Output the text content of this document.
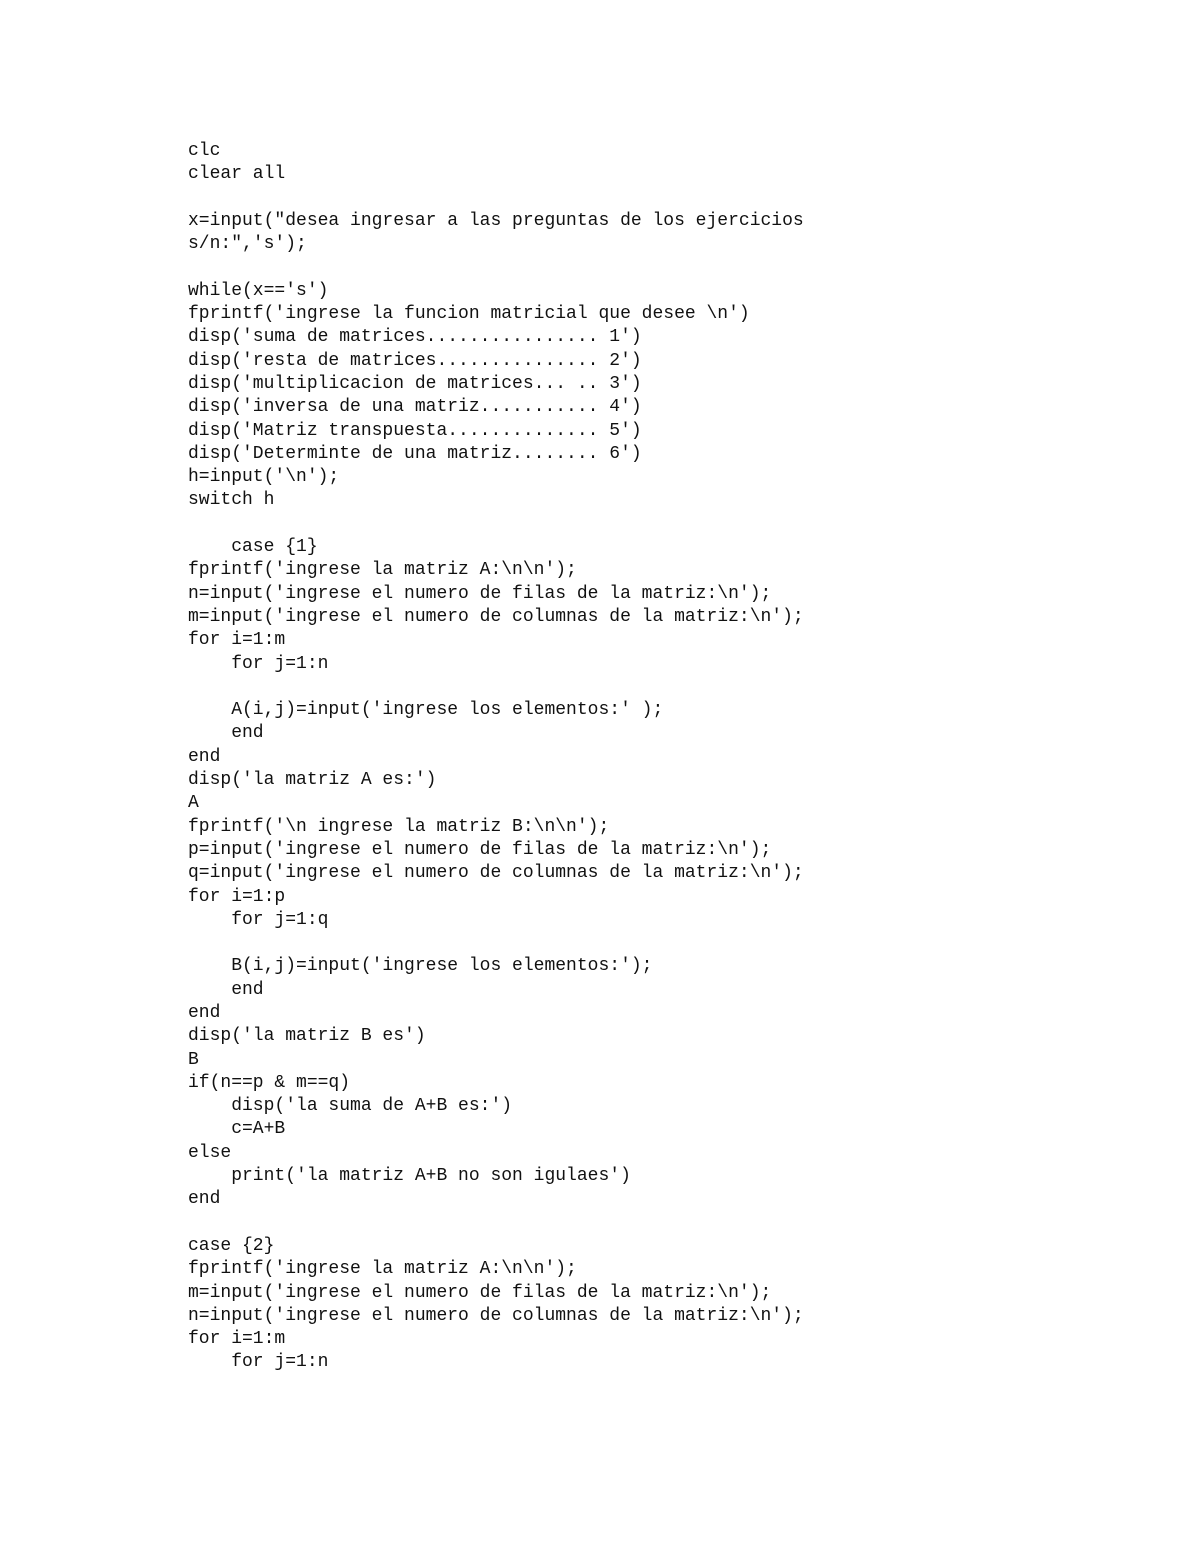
clc
clear all
x=input("desea ingresar a las preguntas de los ejercicios
s/n:",'s');
while(x=='s')
fprintf('ingrese la funcion matricial que desee \n')
disp('suma de matrices................ 1')
disp('resta de matrices............... 2')
disp('multiplicacion de matrices... .. 3')
disp('inversa de una matriz........... 4')
disp('Matriz transpuesta.............. 5')
disp('Determinte de una matriz........ 6')
h=input('\n');
switch h
case {1}
fprintf('ingrese la matriz A:\n\n');
n=input('ingrese el numero de filas de la matriz:\n');
m=input('ingrese el numero de columnas de la matriz:\n');
for i=1:m
for j=1:n
A(i,j)=input('ingrese los elementos:' );
end
end
disp('la matriz A es:')
A
fprintf('\n ingrese la matriz B:\n\n');
p=input('ingrese el numero de filas de la matriz:\n');
q=input('ingrese el numero de columnas de la matriz:\n');
for i=1:p
for j=1:q
B(i,j)=input('ingrese los elementos:');
end
end
disp('la matriz B es')
B
if(n==p & m==q)
disp('la suma de A+B es:')
c=A+B
else
print('la matriz A+B no son igulaes')
end
case {2}
fprintf('ingrese la matriz A:\n\n');
m=input('ingrese el numero de filas de la matriz:\n');
n=input('ingrese el numero de columnas de la matriz:\n');
for i=1:m
for j=1:n
